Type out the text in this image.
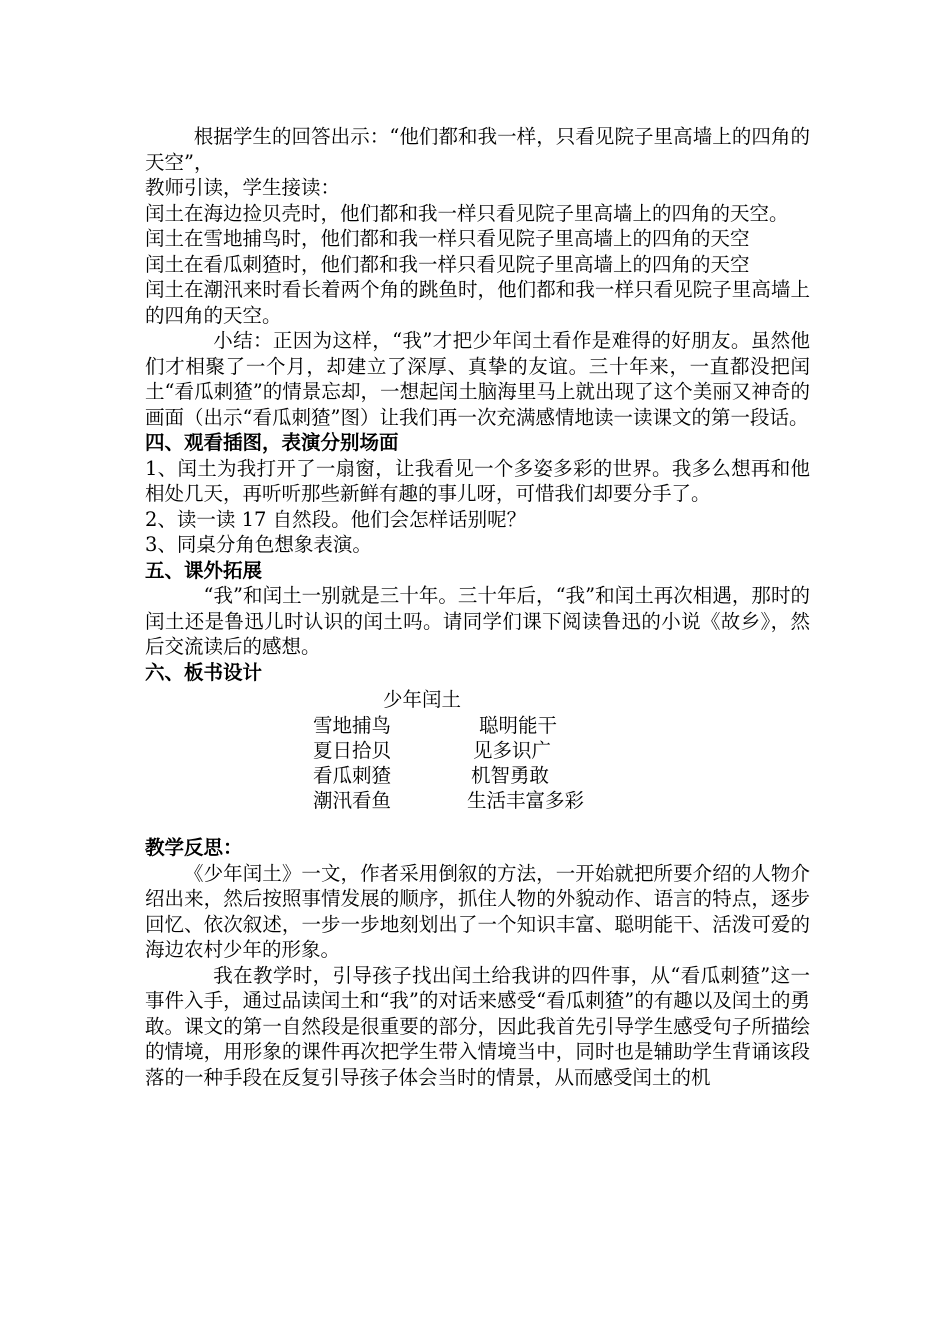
根据学生的回答出示：“他们都和我一样，只看见院子里高墙上的四角的天空”，

教师引读，学生接读：

闰土在海边捡贝壳时，他们都和我一样只看见院子里高墙上的四角的天空。

闰土在雪地捕鸟时，他们都和我一样只看见院子里高墙上的四角的天空

闰土在看瓜刺猹时，他们都和我一样只看见院子里高墙上的四角的天空

闰土在潮汛来时看长着两个角的跳鱼时，他们都和我一样只看见院子里高墙上的四角的天空。

小结：正因为这样，“我”才把少年闰土看作是难得的好朋友。虽然他们才相聚了一个月，却建立了深厚、真挚的友谊。三十年来，一直都没把闰土“看瓜刺猹”的情景忘却，一想起闰土脑海里马上就出现了这个美丽又神奇的画面（出示“看瓜刺猹”图）让我们再一次充满感情地读一读课文的第一段话。

四、观看插图，表演分别场面

1、闰土为我打开了一扇窗，让我看见一个多姿多彩的世界。我多么想再和他相处几天，再听听那些新鲜有趣的事儿呀，可惜我们却要分手了。

2、读一读 17 自然段。他们会怎样话别呢？

3、同桌分角色想象表演。

五、课外拓展

“我”和闰土一别就是三十年。三十年后，“我”和闰土再次相遇，那时的闰土还是鲁迅儿时认识的闰土吗。请同学们课下阅读鲁迅的小说《故乡》，然后交流读后的感想。

六、板书设计
少年闰土
雪地捕鸟	聪明能干
夏日拾贝	见多识广
看瓜刺猹	机智勇敢
潮汛看鱼	生活丰富多彩
教学反思：

《少年闰土》一文，作者采用倒叙的方法，一开始就把所要介绍的人物介绍出来，然后按照事情发展的顺序，抓住人物的外貌动作、语言的特点，逐步回忆、依次叙述，一步一步地刻划出了一个知识丰富、聪明能干、活泼可爱的海边农村少年的形象。

我在教学时，引导孩子找出闰土给我讲的四件事，从“看瓜刺猹”这一事件入手，通过品读闰土和“我”的对话来感受“看瓜刺猹”的有趣以及闰土的勇敢。课文的第一自然段是很重要的部分，因此我首先引导学生感受句子所描绘的情境，用形象的课件再次把学生带入情境当中，同时也是辅助学生背诵该段落的一种手段在反复引导孩子体会当时的情景，从而感受闰土的机
